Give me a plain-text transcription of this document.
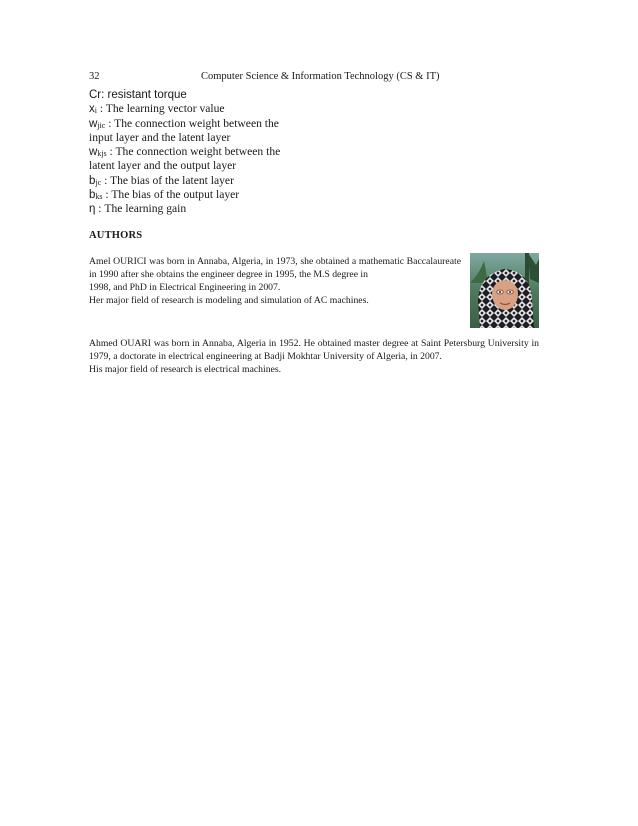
32	Computer Science & Information Technology (CS & IT)
Cr: resistant torque
$x_i$ : The learning vector value
$w_{jic}$ : The connection weight between the
input layer and the latent layer
$w_{kjs}$ : The connection weight between the
latent layer and the output layer
$b_{jc}$ : The bias of the latent layer
$b_{ks}$ : The bias of the output layer
η : The learning gain
AUTHORS

Amel OURICI was born in Annaba, Algeria, in 1973, she obtained a mathematic Baccalaureate in 1990 after she obtains the engineer degree in 1995, the M.S degree in
1998, and PhD in Electrical Engineering in 2007.

Her major field of research is modeling and simulation of AC machines.

Ahmed OUARI was born in Annaba, Algeria in 1952. He obtained master degree at Saint Petersburg University in 1979, a doctorate in electrical engineering at Badji Mokhtar University of Algeria, in 2007.

His major field of research is electrical machines.
